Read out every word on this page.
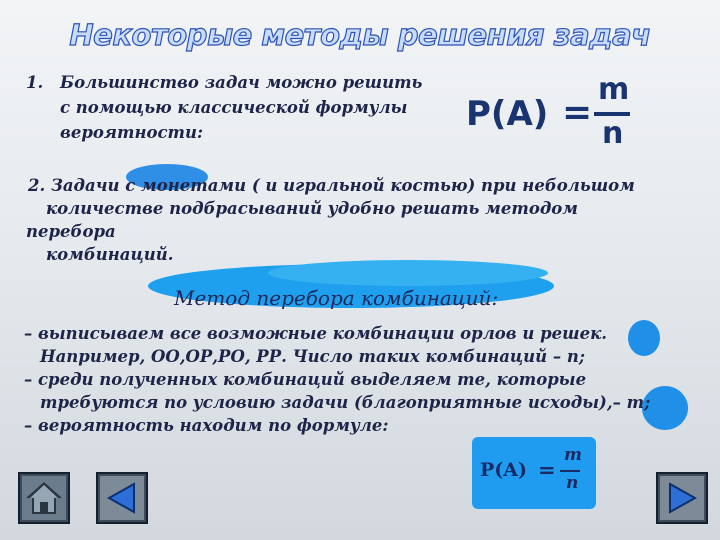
Некоторые методы решения задач
1. Большинство задач можно решить
с помощью классической формулы
вероятности:	P(A) =
m
n
2. Задачи с монетами ( и игральной костью) при небольшом
количестве подбрасываний удобно решать методом
перебора
комбинаций.
Метод перебора комбинаций:
– выписываем все возможные комбинации орлов и решек.
Например, ОО,ОР,РО, РР. Число таких комбинаций – n;
– среди полученных комбинаций выделяем те, которые
требуются по условию задачи (благоприятные исходы),– m;
– вероятность находим по формуле:
P(A) =
m
n
